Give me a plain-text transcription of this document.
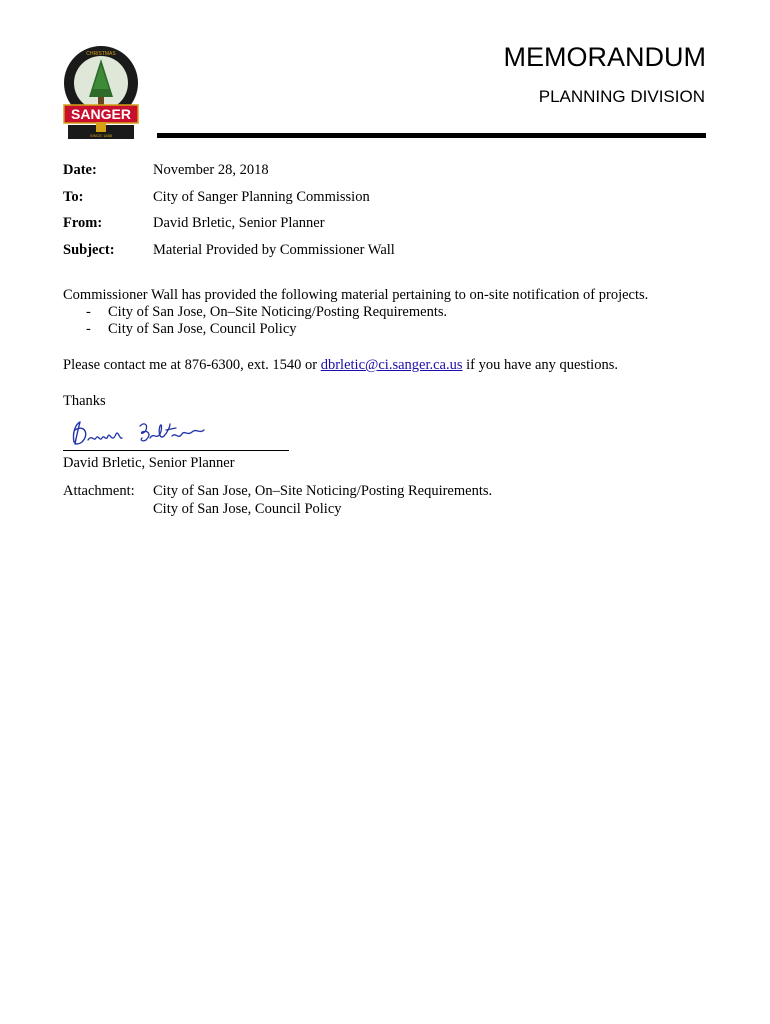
CHRISTMAS
SANGER
SINCE 1888
MEMORANDUM
PLANNING DIVISION
Date:	November 28, 2018
To:	City of Sanger Planning Commission
From:	David Brletic, Senior Planner
Subject:	Material Provided by Commissioner Wall
Commissioner Wall has provided the following material pertaining to on-site notification of projects.
- City of San Jose, On–Site Noticing/Posting Requirements.
- City of San Jose, Council Policy
Please contact me at 876-6300, ext. 1540 or dbrletic@ci.sanger.ca.us if you have any questions.
Thanks
David Brletic, Senior Planner
Attachment: City of San Jose, On–Site Noticing/Posting Requirements.
City of San Jose, Council Policy
